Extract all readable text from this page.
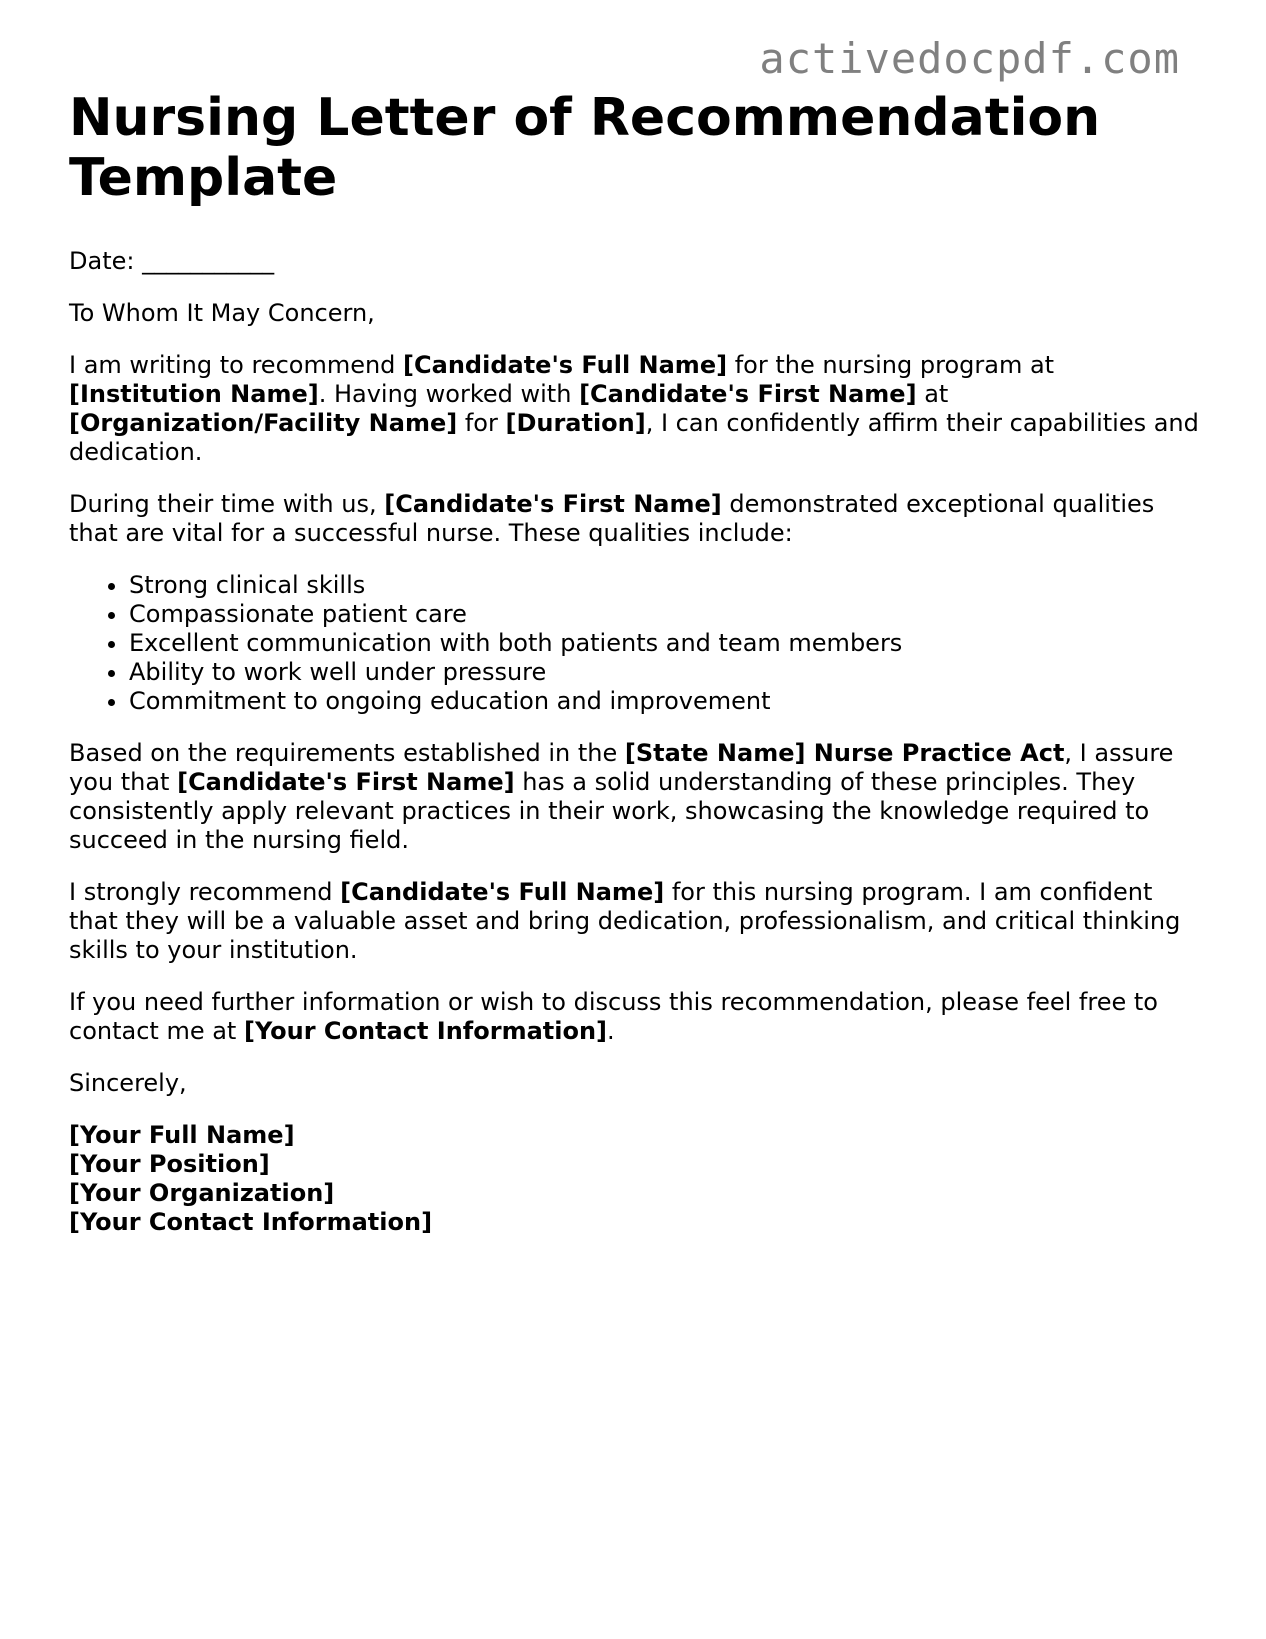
activedocpdf.com
Nursing Letter of Recommendation Template

Date: ___________

To Whom It May Concern,

I am writing to recommend [Candidate's Full Name] for the nursing program at [Institution Name]. Having worked with [Candidate's First Name] at [Organization/Facility Name] for [Duration], I can confidently affirm their capabilities and dedication.

During their time with us, [Candidate's First Name] demonstrated exceptional qualities that are vital for a successful nurse. These qualities include:

• Strong clinical skills
• Compassionate patient care
• Excellent communication with both patients and team members
• Ability to work well under pressure
• Commitment to ongoing education and improvement

Based on the requirements established in the [State Name] Nurse Practice Act, I assure you that [Candidate's First Name] has a solid understanding of these principles. They consistently apply relevant practices in their work, showcasing the knowledge required to succeed in the nursing field.

I strongly recommend [Candidate's Full Name] for this nursing program. I am confident that they will be a valuable asset and bring dedication, professionalism, and critical thinking skills to your institution.

If you need further information or wish to discuss this recommendation, please feel free to contact me at [Your Contact Information].

Sincerely,

[Your Full Name]
[Your Position]
[Your Organization]
[Your Contact Information]
